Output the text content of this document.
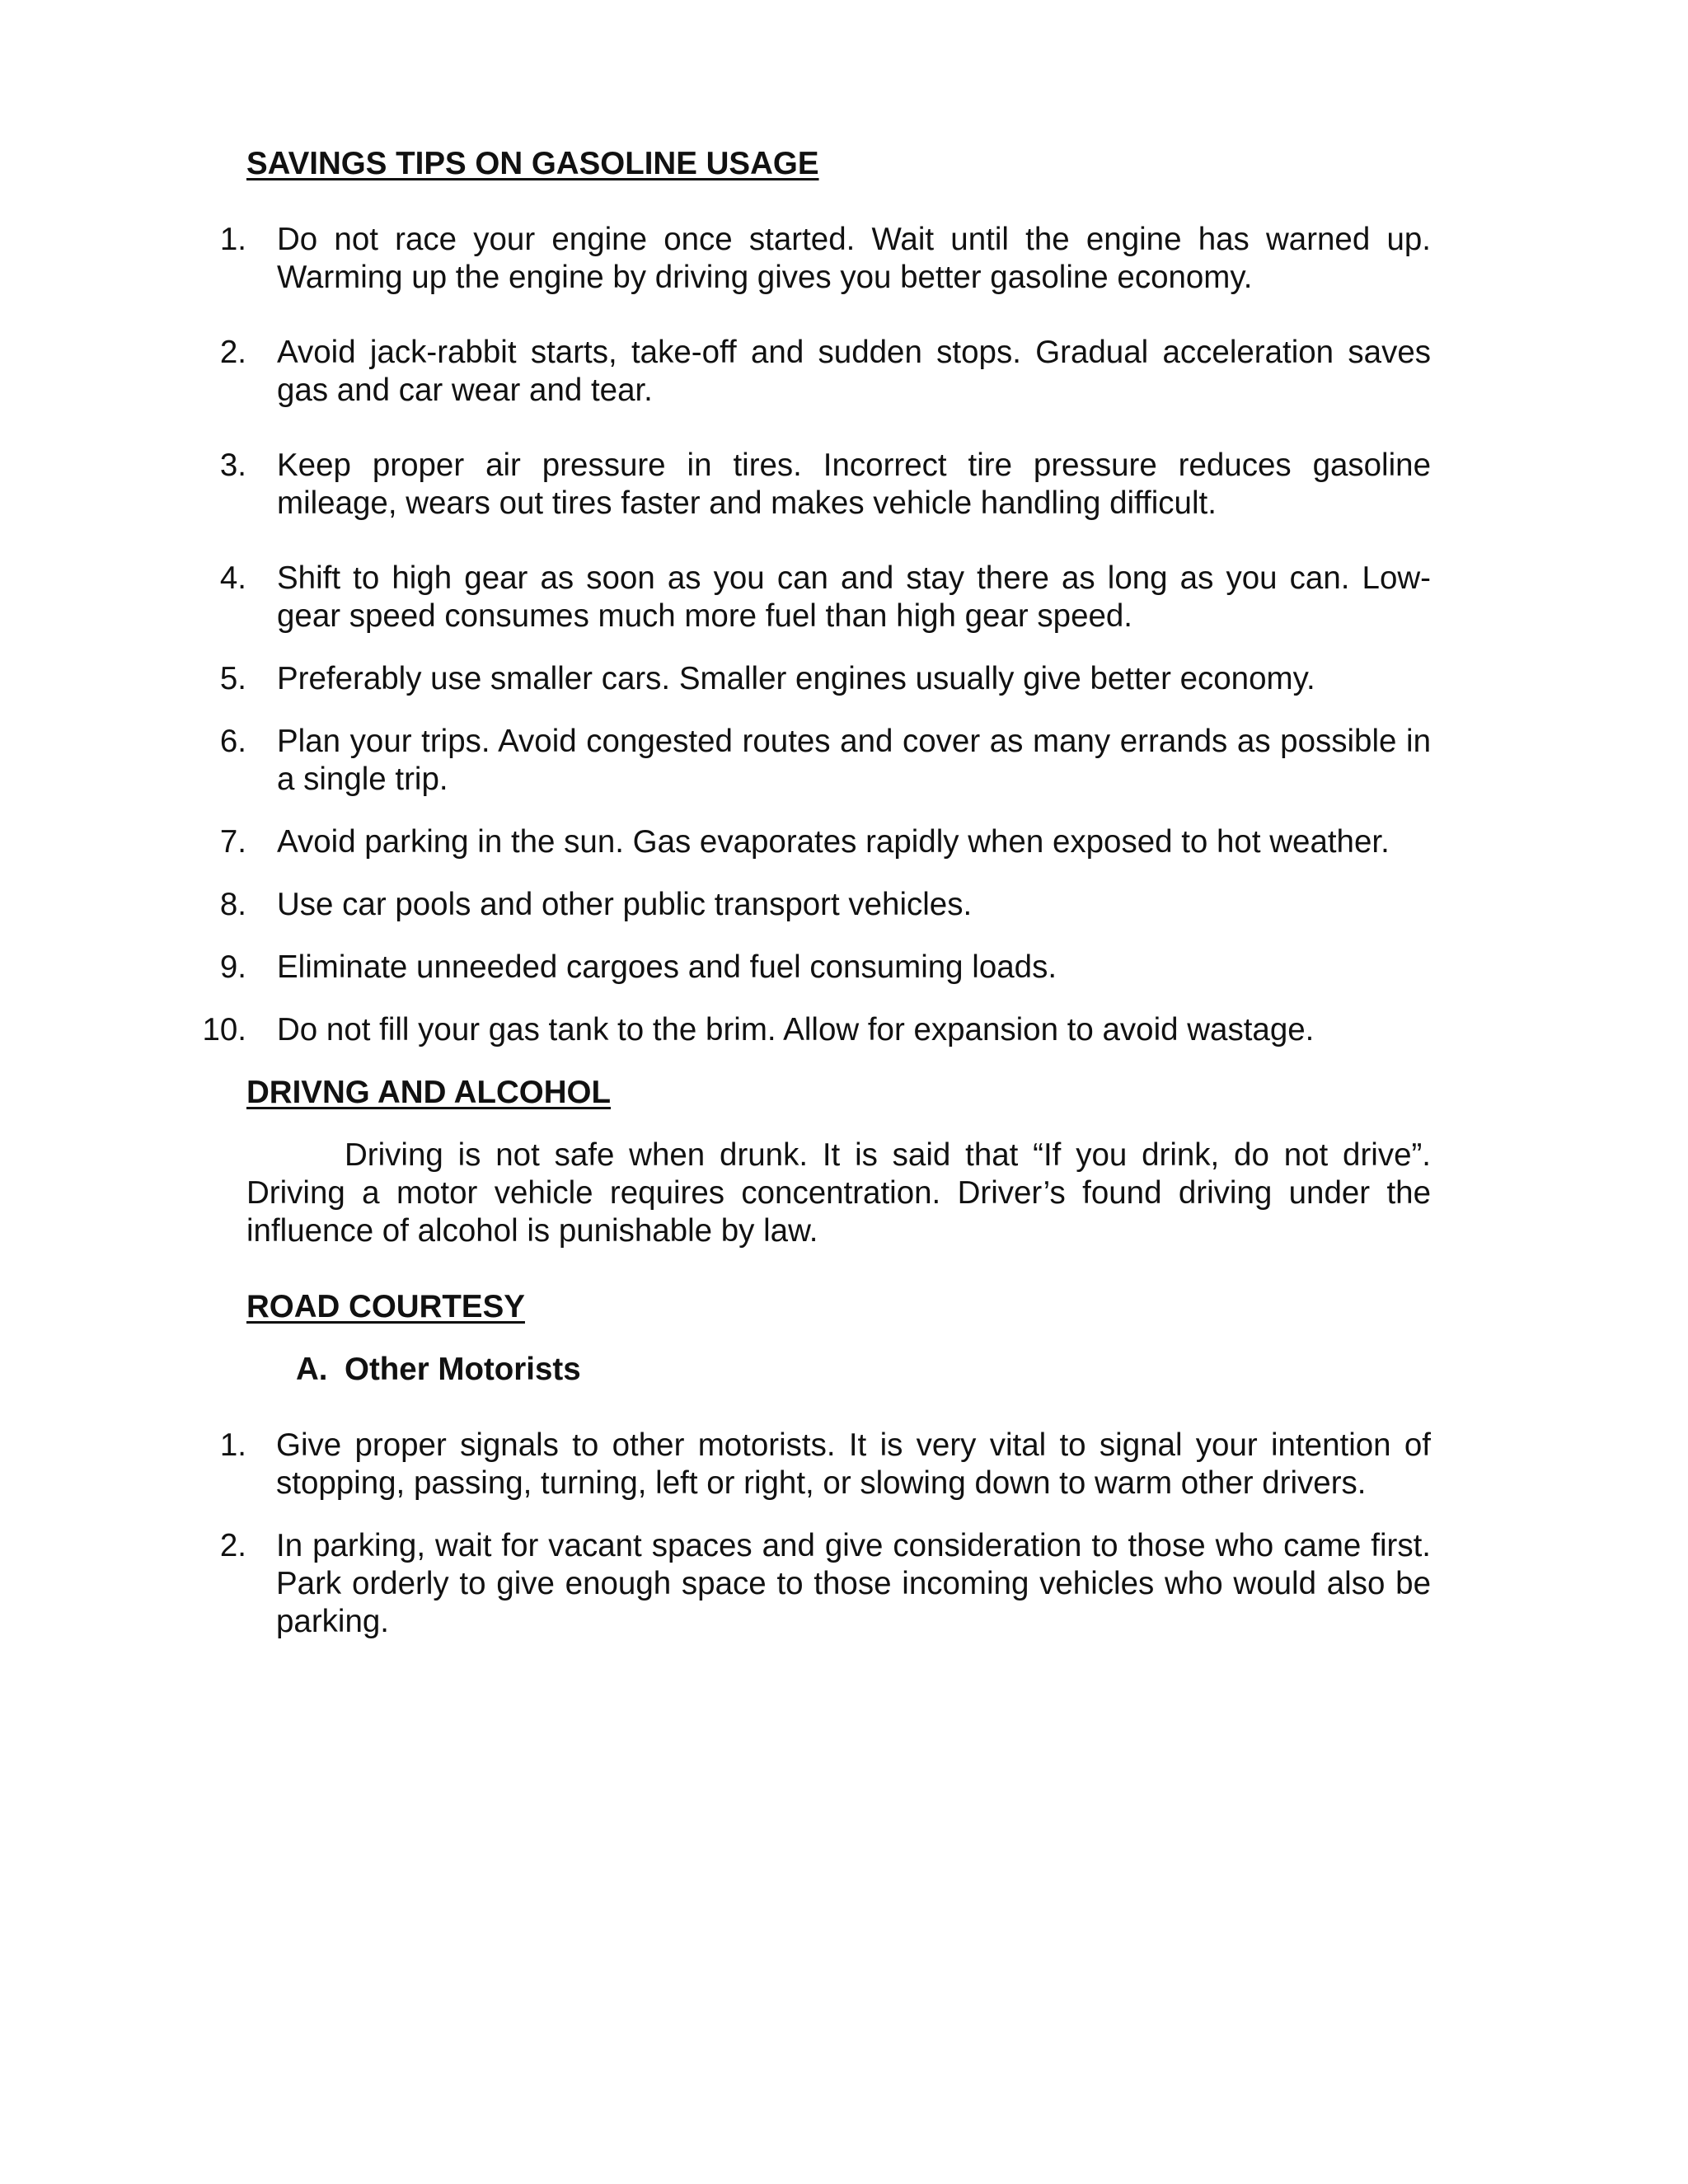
SAVINGS TIPS ON GASOLINE USAGE
1. Do not race your engine once started. Wait until the engine has warned up. Warming up the engine by driving gives you better gasoline economy.
2. Avoid jack-rabbit starts, take-off and sudden stops. Gradual acceleration saves gas and car wear and tear.
3. Keep proper air pressure in tires. Incorrect tire pressure reduces gasoline mileage, wears out tires faster and makes vehicle handling difficult.
4. Shift to high gear as soon as you can and stay there as long as you can. Low-gear speed consumes much more fuel than high gear speed.
5. Preferably use smaller cars. Smaller engines usually give better economy.
6. Plan your trips. Avoid congested routes and cover as many errands as possible in a single trip.
7. Avoid parking in the sun. Gas evaporates rapidly when exposed to hot weather.
8. Use car pools and other public transport vehicles.
9. Eliminate unneeded cargoes and fuel consuming loads.
10. Do not fill your gas tank to the brim. Allow for expansion to avoid wastage.
DRIVNG AND ALCOHOL

Driving is not safe when drunk. It is said that “If you drink, do not drive”. Driving a motor vehicle requires concentration. Driver’s found driving under the influence of alcohol is punishable by law.

ROAD COURTESY
A. Other Motorists
1. Give proper signals to other motorists. It is very vital to signal your intention of stopping, passing, turning, left or right, or slowing down to warm other drivers.
2. In parking, wait for vacant spaces and give consideration to those who came first. Park orderly to give enough space to those incoming vehicles who would also be parking.
